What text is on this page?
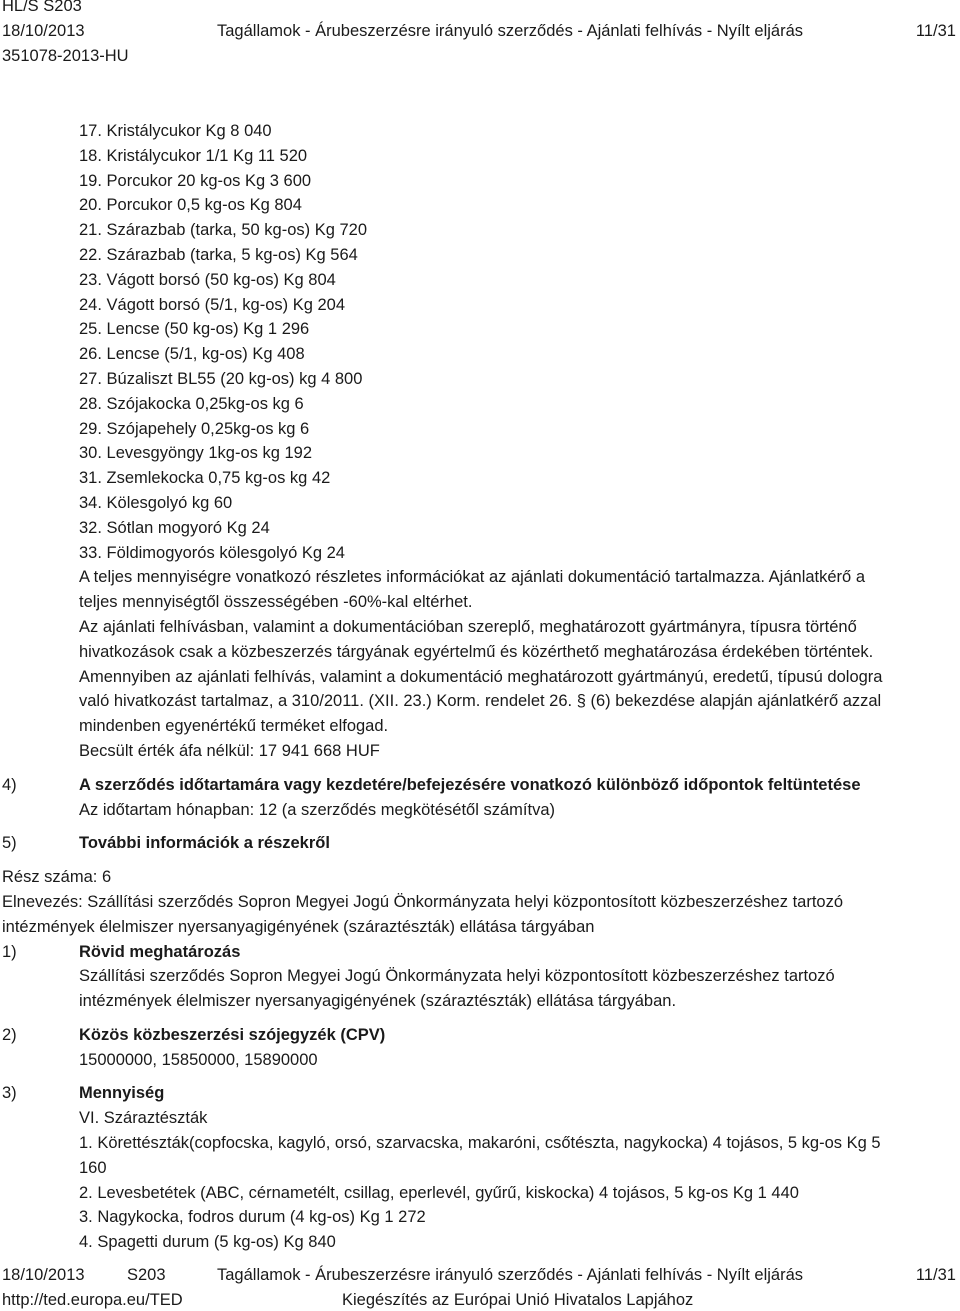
HL/S S203
18/10/2013	Tagállamok - Árubeszerzésre irányuló szerződés - Ajánlati felhívás - Nyílt eljárás	11/31
351078-2013-HU
17. Kristálycukor Kg 8 040
18. Kristálycukor 1/1 Kg 11 520
19. Porcukor 20 kg-os Kg 3 600
20. Porcukor 0,5 kg-os Kg 804
21. Szárazbab (tarka, 50 kg-os) Kg 720
22. Szárazbab (tarka, 5 kg-os) Kg 564
23. Vágott borsó (50 kg-os) Kg 804
24. Vágott borsó (5/1, kg-os) Kg 204
25. Lencse (50 kg-os) Kg 1 296
26. Lencse (5/1, kg-os) Kg 408
27. Búzaliszt BL55 (20 kg-os) kg 4 800
28. Szójakocka 0,25kg-os kg 6
29. Szójapehely 0,25kg-os kg 6
30. Levesgyöngy 1kg-os kg 192
31. Zsemlekocka 0,75 kg-os kg 42
34. Kölesgolyó kg 60
32. Sótlan mogyoró Kg 24
33. Földimogyorós kölesgolyó Kg 24
A teljes mennyiségre vonatkozó részletes információkat az ajánlati dokumentáció tartalmazza. Ajánlatkérő a
teljes mennyiségtől összességében -60%-kal eltérhet.
Az ajánlati felhívásban, valamint a dokumentációban szereplő, meghatározott gyártmányra, típusra történő
hivatkozások csak a közbeszerzés tárgyának egyértelmű és közérthető meghatározása érdekében történtek.
Amennyiben az ajánlati felhívás, valamint a dokumentáció meghatározott gyártmányú, eredetű, típusú dologra
való hivatkozást tartalmaz, a 310/2011. (XII. 23.) Korm. rendelet 26. § (6) bekezdése alapján ajánlatkérő azzal
mindenben egyenértékű terméket elfogad.
Becsült érték áfa nélkül: 17 941 668 HUF
4)	A szerződés időtartamára vagy kezdetére/befejezésére vonatkozó különböző időpontok feltüntetése
Az időtartam hónapban: 12 (a szerződés megkötésétől számítva)
5)	További információk a részekről
Rész száma: 6
Elnevezés: Szállítási szerződés Sopron Megyei Jogú Önkormányzata helyi központosított közbeszerzéshez tartozó
intézmények élelmiszer nyersanyagigényének (száraztészták) ellátása tárgyában
1)	Rövid meghatározás
Szállítási szerződés Sopron Megyei Jogú Önkormányzata helyi központosított közbeszerzéshez tartozó
intézmények élelmiszer nyersanyagigényének (száraztészták) ellátása tárgyában.
2)	Közös közbeszerzési szójegyzék (CPV)
15000000, 15850000, 15890000
3)	Mennyiség
VI. Száraztészták
1. Körettészták(copfocska, kagyló, orsó, szarvacska, makaróni, csőtészta, nagykocka) 4 tojásos, 5 kg-os Kg 5
160
2. Levesbetétek (ABC, cérnametélt, csillag, eperlevél, gyűrű, kiskocka) 4 tojásos, 5 kg-os Kg 1 440
3. Nagykocka, fodros durum (4 kg-os) Kg 1 272
4. Spagetti durum (5 kg-os) Kg 840
18/10/2013	S203	Tagállamok - Árubeszerzésre irányuló szerződés - Ajánlati felhívás - Nyílt eljárás	11/31
http://ted.europa.eu/TED	Kiegészítés az Európai Unió Hivatalos Lapjához
